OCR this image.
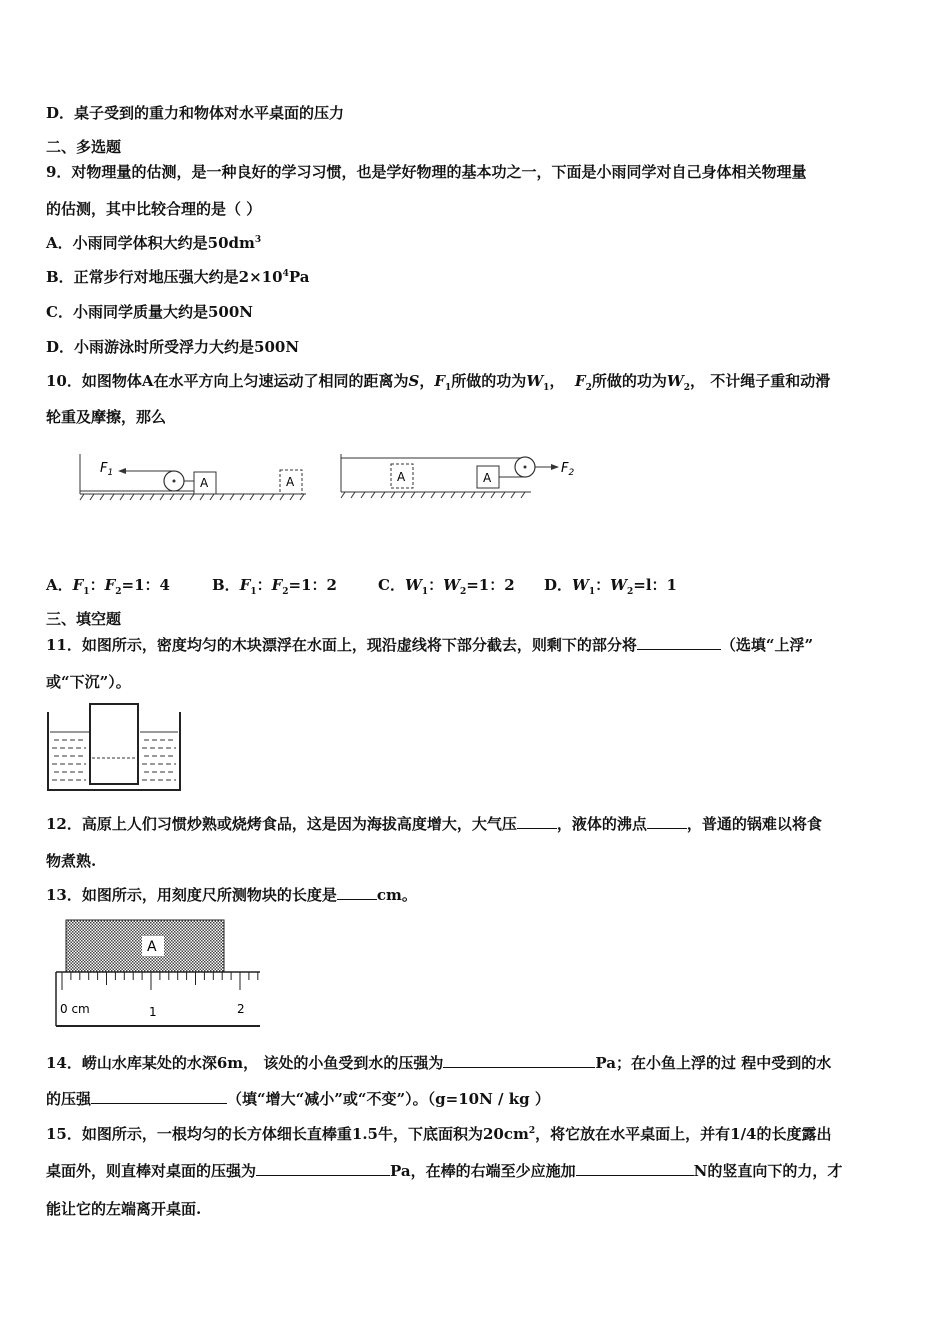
D．桌子受到的重力和物体对水平桌面的压力
二、多选题
9．对物理量的估测，是一种良好的学习习惯，也是学好物理的基本功之一，下面是小雨同学对自己身体相关物理量
的估测，其中比较合理的是（ ）
A．小雨同学体积大约是$50dm^3$
B．正常步行对地压强大约是$2\times 10^4Pa$
C．小雨同学质量大约是500N
D．小雨游泳时所受浮力大约是500N
10．如图物体A在水平方向上匀速运动了相同的距离为S，$F_1$所做的功为$W_1$， $F_2$所做的功为$W_2$， 不计绳子重和动滑
轮重及摩擦，那么
A	A
$F_1$	A	A
$F_2$
A．$F_1$：$F_2=1$：4	B．$F_1$：$F_2=1$：2	C．$W_1$：$W_2=1$：2 D．$W_1$：$W_2=l$：1
三、填空题
11．如图所示，密度均匀的木块漂浮在水面上，现沿虚线将下部分截去，则剩下的部分将	（选填“上浮”
或“下沉”）。
12．高原上人们习惯炒熟或烧烤食品，这是因为海拔高度增大，大气压	，液体的沸点	，普通的锅难以将食
物煮熟.
13．如图所示，用刻度尺所测物块的长度是	cm。
A
0 cm	1	2
14．崂山水库某处的水深6m， 该处的小鱼受到水的压强为	Pa；在小鱼上浮的过 程中受到的水
的压强	（填“增大“减小”或“不变”）。（g=10N / kg ）
15．如图所示，一根均匀的长方体细长直棒重1.5牛，下底面积为$20cm^2$，将它放在水平桌面上，并有1/4的长度露出
桌面外，则直棒对桌面的压强为	Pa，在棒的右端至少应施加	N的竖直向下的力，才
能让它的左端离开桌面.
